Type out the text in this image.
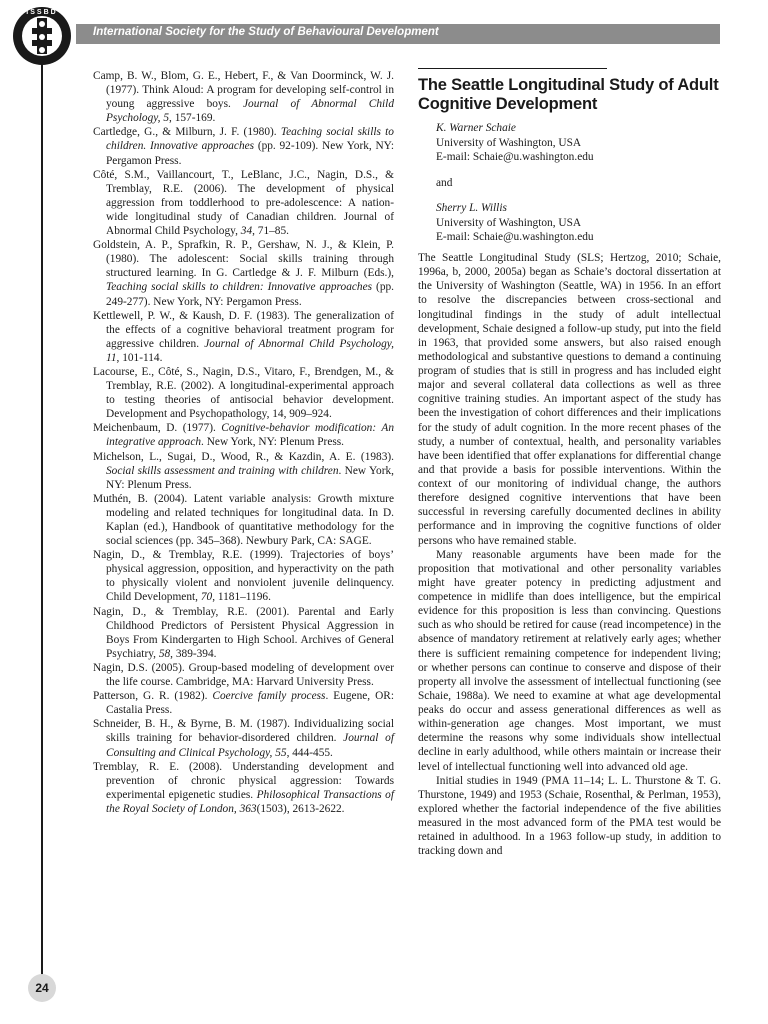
International Society for the Study of Behavioural Development
ISSBD
24

Camp, B. W., Blom, G. E., Hebert, F., & Van Doorminck, W. J. (1977). Think Aloud: A program for developing self-control in young aggressive boys. Journal of Abnormal Child Psychology, 5, 157-169.

Cartledge, G., & Milburn, J. F. (1980). Teaching social skills to children. Innovative approaches (pp. 92-109). New York, NY: Pergamon Press.

Côté, S.M., Vaillancourt, T., LeBlanc, J.C., Nagin, D.S., & Tremblay, R.E. (2006). The development of physical aggression from toddlerhood to pre-adolescence: A nation-wide longitudinal study of Canadian children. Journal of Abnormal Child Psychology, 34, 71–85.

Goldstein, A. P., Sprafkin, R. P., Gershaw, N. J., & Klein, P. (1980). The adolescent: Social skills training through structured learning. In G. Cartledge & J. F. Milburn (Eds.), Teaching social skills to children: Innovative approaches (pp. 249-277). New York, NY: Pergamon Press.

Kettlewell, P. W., & Kaush, D. F. (1983). The generalization of the effects of a cognitive behavioral treatment program for aggressive children. Journal of Abnormal Child Psychology, 11, 101-114.

Lacourse, E., Côté, S., Nagin, D.S., Vitaro, F., Brendgen, M., & Tremblay, R.E. (2002). A longitudinal-experimental approach to testing theories of antisocial behavior development. Development and Psychopathology, 14, 909–924.

Meichenbaum, D. (1977). Cognitive-behavior modification: An integrative approach. New York, NY: Plenum Press.

Michelson, L., Sugai, D., Wood, R., & Kazdin, A. E. (1983). Social skills assessment and training with children. New York, NY: Plenum Press.

Muthén, B. (2004). Latent variable analysis: Growth mixture modeling and related techniques for longitudinal data. In D. Kaplan (ed.), Handbook of quantitative methodology for the social sciences (pp. 345–368). Newbury Park, CA: SAGE.

Nagin, D., & Tremblay, R.E. (1999). Trajectories of boys’ physical aggression, opposition, and hyperactivity on the path to physically violent and nonviolent juvenile delinquency. Child Development, 70, 1181–1196.

Nagin, D., & Tremblay, R.E. (2001). Parental and Early Childhood Predictors of Persistent Physical Aggression in Boys From Kindergarten to High School. Archives of General Psychiatry, 58, 389-394.

Nagin, D.S. (2005). Group-based modeling of development over the life course. Cambridge, MA: Harvard University Press.

Patterson, G. R. (1982). Coercive family process. Eugene, OR: Castalia Press.

Schneider, B. H., & Byrne, B. M. (1987). Individualizing social skills training for behavior-disordered children. Journal of Consulting and Clinical Psychology, 55, 444-455.

Tremblay, R. E. (2008). Understanding development and prevention of chronic physical aggression: Towards experimental epigenetic studies. Philosophical Transactions of the Royal Society of London, 363(1503), 2613-2622.

The Seattle Longitudinal Study of Adult Cognitive Development

K. Warner Schaie

University of Washington, USA

E-mail: Schaie@u.washington.edu

and

Sherry L. Willis

University of Washington, USA

E-mail: Schaie@u.washington.edu

The Seattle Longitudinal Study (SLS; Hertzog, 2010; Schaie, 1996a, b, 2000, 2005a) began as Schaie’s doctoral dissertation at the University of Washington (Seattle, WA) in 1956. In an effort to resolve the discrepancies between cross-sectional and longitudinal findings in the study of adult intellectual development, Schaie designed a follow-up study, put into the field in 1963, that provided some answers, but also raised enough methodological and substantive questions to demand a continuing program of studies that is still in progress and has included eight major and several collateral data collections as well as three cognitive training studies. An important aspect of the study has been the investigation of cohort differences and their implications for the study of adult cognition. In the more recent phases of the study, a number of contextual, health, and personality variables have been identified that offer explanations for differential change and that provide a basis for possible interventions. Within the context of our monitoring of individual change, the authors therefore designed cognitive interventions that have been successful in reversing carefully documented declines in ability performance and in improving the cognitive functions of older persons who have remained stable.

Many reasonable arguments have been made for the proposition that motivational and other personality variables might have greater potency in predicting adjustment and competence in midlife than does intelligence, but the empirical evidence for this proposition is less than convincing. Questions such as who should be retired for cause (read incompetence) in the absence of mandatory retirement at relatively early ages; whether there is sufficient remaining competence for independent living; or whether persons can continue to conserve and dispose of their property all involve the assessment of intellectual functioning (see Schaie, 1988a). We need to examine at what age developmental peaks do occur and assess generational differences as well as within-generation age changes. Most important, we must determine the reasons why some individuals show intellectual decline in early adulthood, while others maintain or increase their level of intellectual functioning well into advanced old age.

Initial studies in 1949 (PMA 11–14; L. L. Thurstone & T. G. Thurstone, 1949) and 1953 (Schaie, Rosenthal, & Perlman, 1953), explored whether the factorial independence of the five abilities measured in the most advanced form of the PMA test would be retained in adulthood. In a 1963 follow-up study, in addition to tracking down and
